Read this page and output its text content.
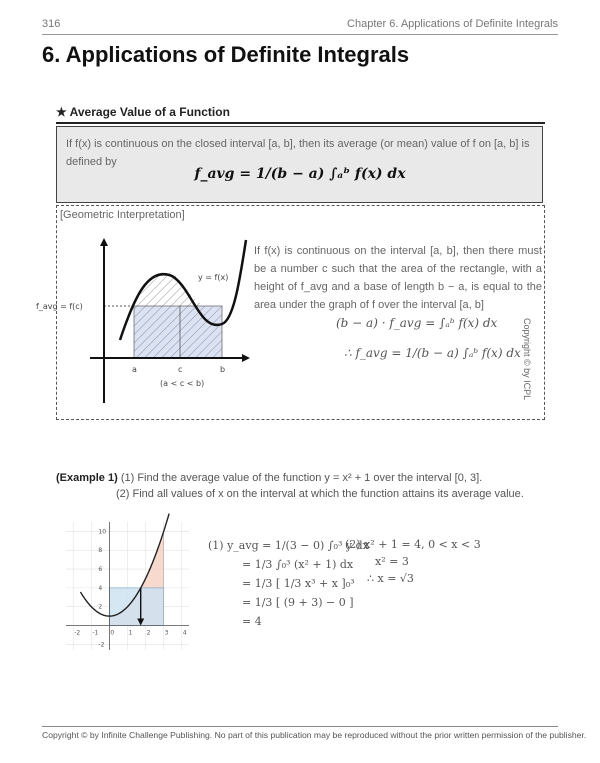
316	Chapter 6. Applications of Definite Integrals
6. Applications of Definite Integrals
★ Average Value of a Function
If f(x) is continuous on the closed interval [a, b], then its average (or mean) value of f on [a, b] is defined by
f_avg = 1/(b − a) ∫ₐᵇ f(x) dx
[Geometric Interpretation]
y = f(x)
f_avg = f(c)
a	c	b
(a < c < b)
If f(x) is continuous on the interval [a, b], then there must be a number c such that the area of the rectangle, with a height of f_avg and a base of length b − a, is equal to the area under the graph of f over the interval [a, b]
(b − a) · f_avg = ∫ₐᵇ f(x) dx
∴ f_avg = 1/(b − a) ∫ₐᵇ f(x) dx Copyright © by ICPL
(Example 1) (1) Find the average value of the function y = x² + 1 over the interval [0, 3].
(2) Find all values of x on the interval at which the function attains its average value.
-2 -1 0 1 2 3 4
-2
2
4
6
8
10
(1) y_avg = 1/(3 − 0) ∫₀³ y dx
= 1/3 ∫₀³ (x² + 1) dx
= 1/3 [ 1/3 x³ + x ]₀³
= 1/3 [ (9 + 3) − 0 ]
= 4
(2) x² + 1 = 4, 0 < x < 3
x² = 3
∴ x = √3
Copyright © by Infinite Challenge Publishing. No part of this publication may be reproduced without the prior written permission of the publisher.
